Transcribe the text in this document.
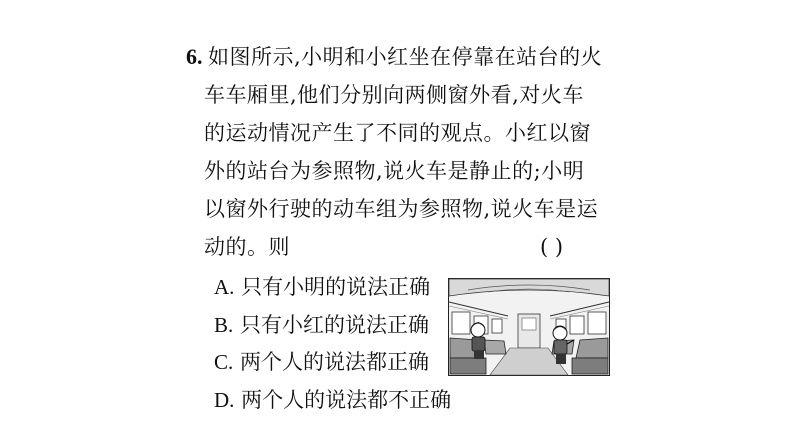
6. 如图所示,小明和小红坐在停靠在站台的火
车车厢里,他们分别向两侧窗外看,对火车
的运动情况产生了不同的观点。小红以窗
外的站台为参照物,说火车是静止的;小明
以窗外行驶的动车组为参照物,说火车是运
动的。则	( )
A. 只有小明的说法正确
B. 只有小红的说法正确
C. 两个人的说法都正确
D. 两个人的说法都不正确
